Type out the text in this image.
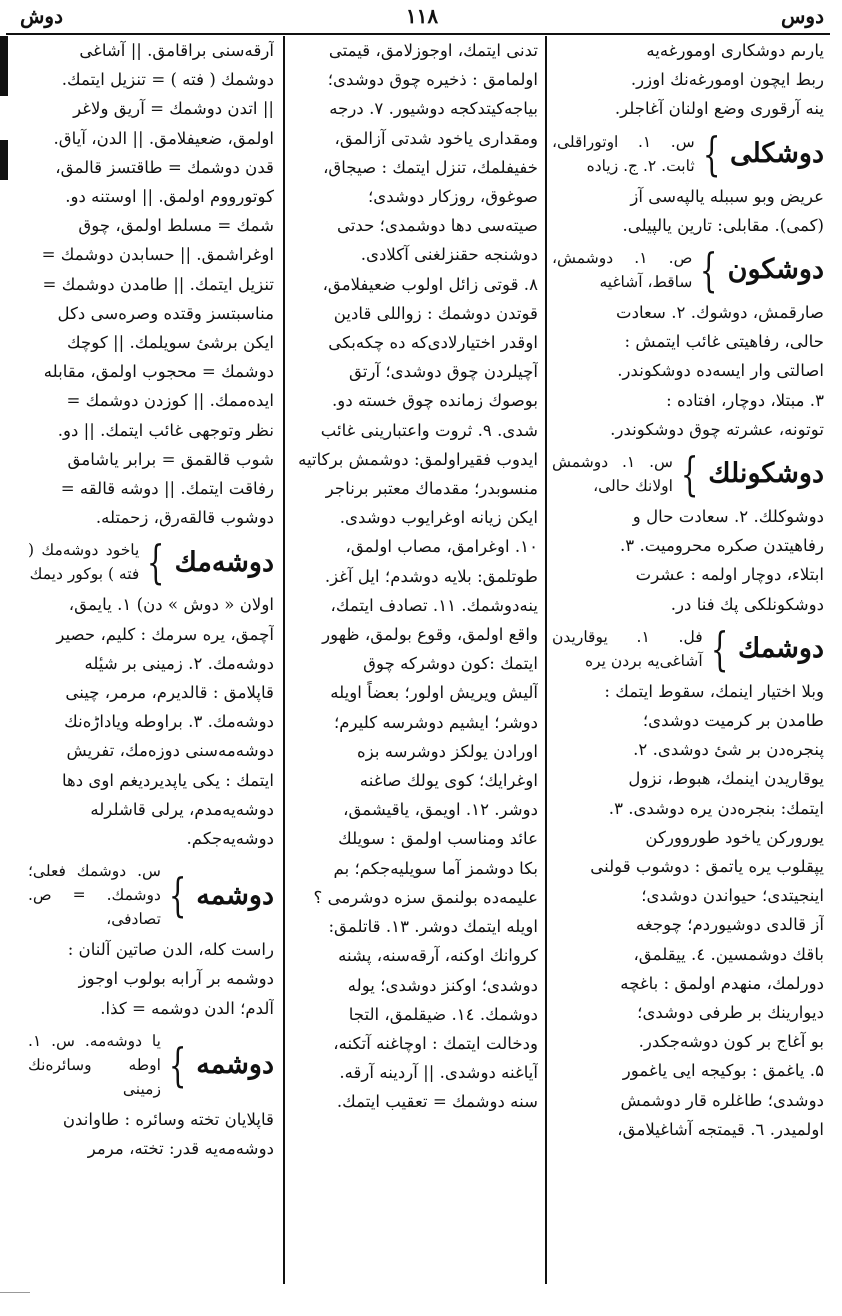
دوس
۱۱۸
دوش

یارىم دوشكاری اومورغەیە

ربط ایچون اومورغەنك اوزر.

ینە آرقوری وضع اولنان آغاجلر.

دوشكلی
}
س. ۱. اوتوراقلی، ثابت. ۲. ج. زیادە

عریض وبو سببلە یالپەسی آز

(كمی). مقابلی: تارین یالپیلی.

دوشكون
}
ص. ۱. دوشمش، ساقط، آشاغیە

صارقمش، دوشوك. ۲. سعادت

حالی، رفاهیتی غائب ایتمش :

اصالتی وار ایسەدە دوشكوندر.

۳. مبتلا، دوچار، افتادە :

توتونە، عشرتە چوق دوشكوندر.

دوشكونلك
}
س. ۱. دوشمش اولانك حالی،

دوشوكلك. ۲. سعادت حال و

رفاهیتدن صكره محرومیت. ۳.

ابتلاء، دوچار اولمە : عشرت

دوشكونلكی پك فنا در.

دوشمك
}
فل. ۱. یوقاریدن آشاغی‌یە بردن یرە

وبلا اختیار اینمك، سقوط ایتمك :

طامدن بر كرمیت دوشدی؛

پنجرەدن بر شیٔ دوشدی. ۲.

یوقاریدن اینمك، هبوط، نزول

ایتمك: بنجرەدن یرە دوشدی. ۳.

یوروركن یاخود طورووركن

یپقلوب یرە یاتمق : دوشوب قولنی

اینجیتدی؛ حیواندن دوشدی؛

آز قالدی دوشیوردم؛ چوجغە

باقك دوشمسین. ٤. ییقلمق،

دورلمك، منهدم اولمق : باغچە

دیوارینك بر طرفی دوشدی؛

بو آغاج بر كون دوشەجكدر.

۵. یاغمق : بوكیجە ایی یاغمور

دوشدی؛ طاغلرە قار دوشمش

اولمیدر. ٦. قیمتجە آشاغیلامق،

تدنی ایتمك، اوجوزلامق، قیمتی

اولمامق : ذخیرە چوق دوشدی؛

بیاجەكیتدكجە دوشیور. ۷. درجە

ومقداری یاخود شدتی آزالمق،

خفیفلمك، تنزل ایتمك : صیجاق،

صوغوق، روزكار دوشدی؛

صیتەسی دها دوشمدی؛ حدتی

دوشنجە حقنزلغنی آكلادی.

۸. قوتی زائل اولوب ضعیفلامق،

قوتدن دوشمك : زواللی قادین

اوقدر اختیارلادی‌كە دە چكەبكی

آچیلردن چوق دوشدی؛ آرتق

بوصوك زماندە چوق خستە دو.

شدی. ۹. ثروت واعتبارینی غائب

ایدوب فقیراولمق: دوشمش بركاتیە

منسوبدر؛ مقدماك معتبر برناجر

ایكن زیانە اوغرایوب دوشدی.

۱۰. اوغرامق، مصاب اولمق،

طوتلمق: بلایە دوشدم؛ ایل آغز.

ینەدوشمك. ۱۱. تصادف ایتمك،

واقع اولمق، وقوع بولمق، ظهور

ایتمك :كون دوشركە چوق

آلیش ویریش اولور؛ بعضاً اویلە

دوشر؛ ایشیم دوشرسە كلیرم؛

اورادن یولكز دوشرسە بزە

اوغرایك؛ كوی یولك صاغنە

دوشر. ۱۲. اویمق، یاقیشمق،

عائد ومناسب اولمق : سویلك

بكا دوشمز آما سویلیەجكم؛ بم

علیمەدە بولنمق سزە دوشرمی ؟

اویلە ایتمك دوشر. ۱۳. قاتلمق:

كروانك اوكنە، آرقەسنە، پشنە

دوشدی؛ اوكنز دوشدی؛ یولە

دوشمك. ۱٤. ضیقلمق، التجا

ودخالت ایتمك : اوچاغنە آتكنە،

آیاغنە دوشدی. || آردینە آرقە.

سنە دوشمك = تعقیب ایتمك.

آرقەسنی براقامق. || آشاغی

دوشمك ( فتە ) = تنزیل ایتمك.

|| اتدن دوشمك = آریق ولاغر

اولمق، ضعیفلامق. || الدن، آیاق.

قدن دوشمك = طاقتسز قالمق،

كوتورووم اولمق. || اوستنە دو.

شمك = مسلط اولمق، چوق

اوغراشمق. || حسابدن دوشمك =

تنزیل ایتمك. || طامدن دوشمك =

مناسبتسز وقتدە وصرەسی دكل

ایكن برشیٔ سویلمك. || كوچك

دوشمك = محجوب اولمق، مقابلە

ایدەممك. || كوزدن دوشمك =

نظر وتوجهی غائب ایتمك. || دو.

شوب قالقمق = برابر یاشامق

رفاقت ایتمك. || دوشە قالقە =

دوشوب قالقەرق، زحمتلە.

دوشەمك
}
یاخود دوشەمك ( فتە ) بوكور دیمك

اولان « دوش » دن) ۱. یایمق،

آچمق، یرە سرمك : كلیم، حصیر

دوشەمك. ۲. زمینی بر شیٔلە

قاپلامق : قالدیرم، مرمر، چینی

دوشەمك. ۳. براوطە ویاداڑەنك

دوشەمەسنی دوزەمك، تفریش

ایتمك : یكی یاپدیردیغم اوی دها

دوشەیەمدم، یرلی قاشلرلە

دوشەیەجكم.

دوشمە
}
س. دوشمك فعلی؛ دوشمك. = ص. تصادفی،

راست كلە، الدن صاتین آلنان :

دوشمە بر آرابە بولوب اوجوز

آلدم؛ الدن دوشمە = كذا.

دوشمە
}
یا دوشەمە. س. ۱. اوطە وسائرەنك زمینی

قاپلایان تختە وسائرە : طاواندن

دوشەمەیە قدر: تختە، مرمر
